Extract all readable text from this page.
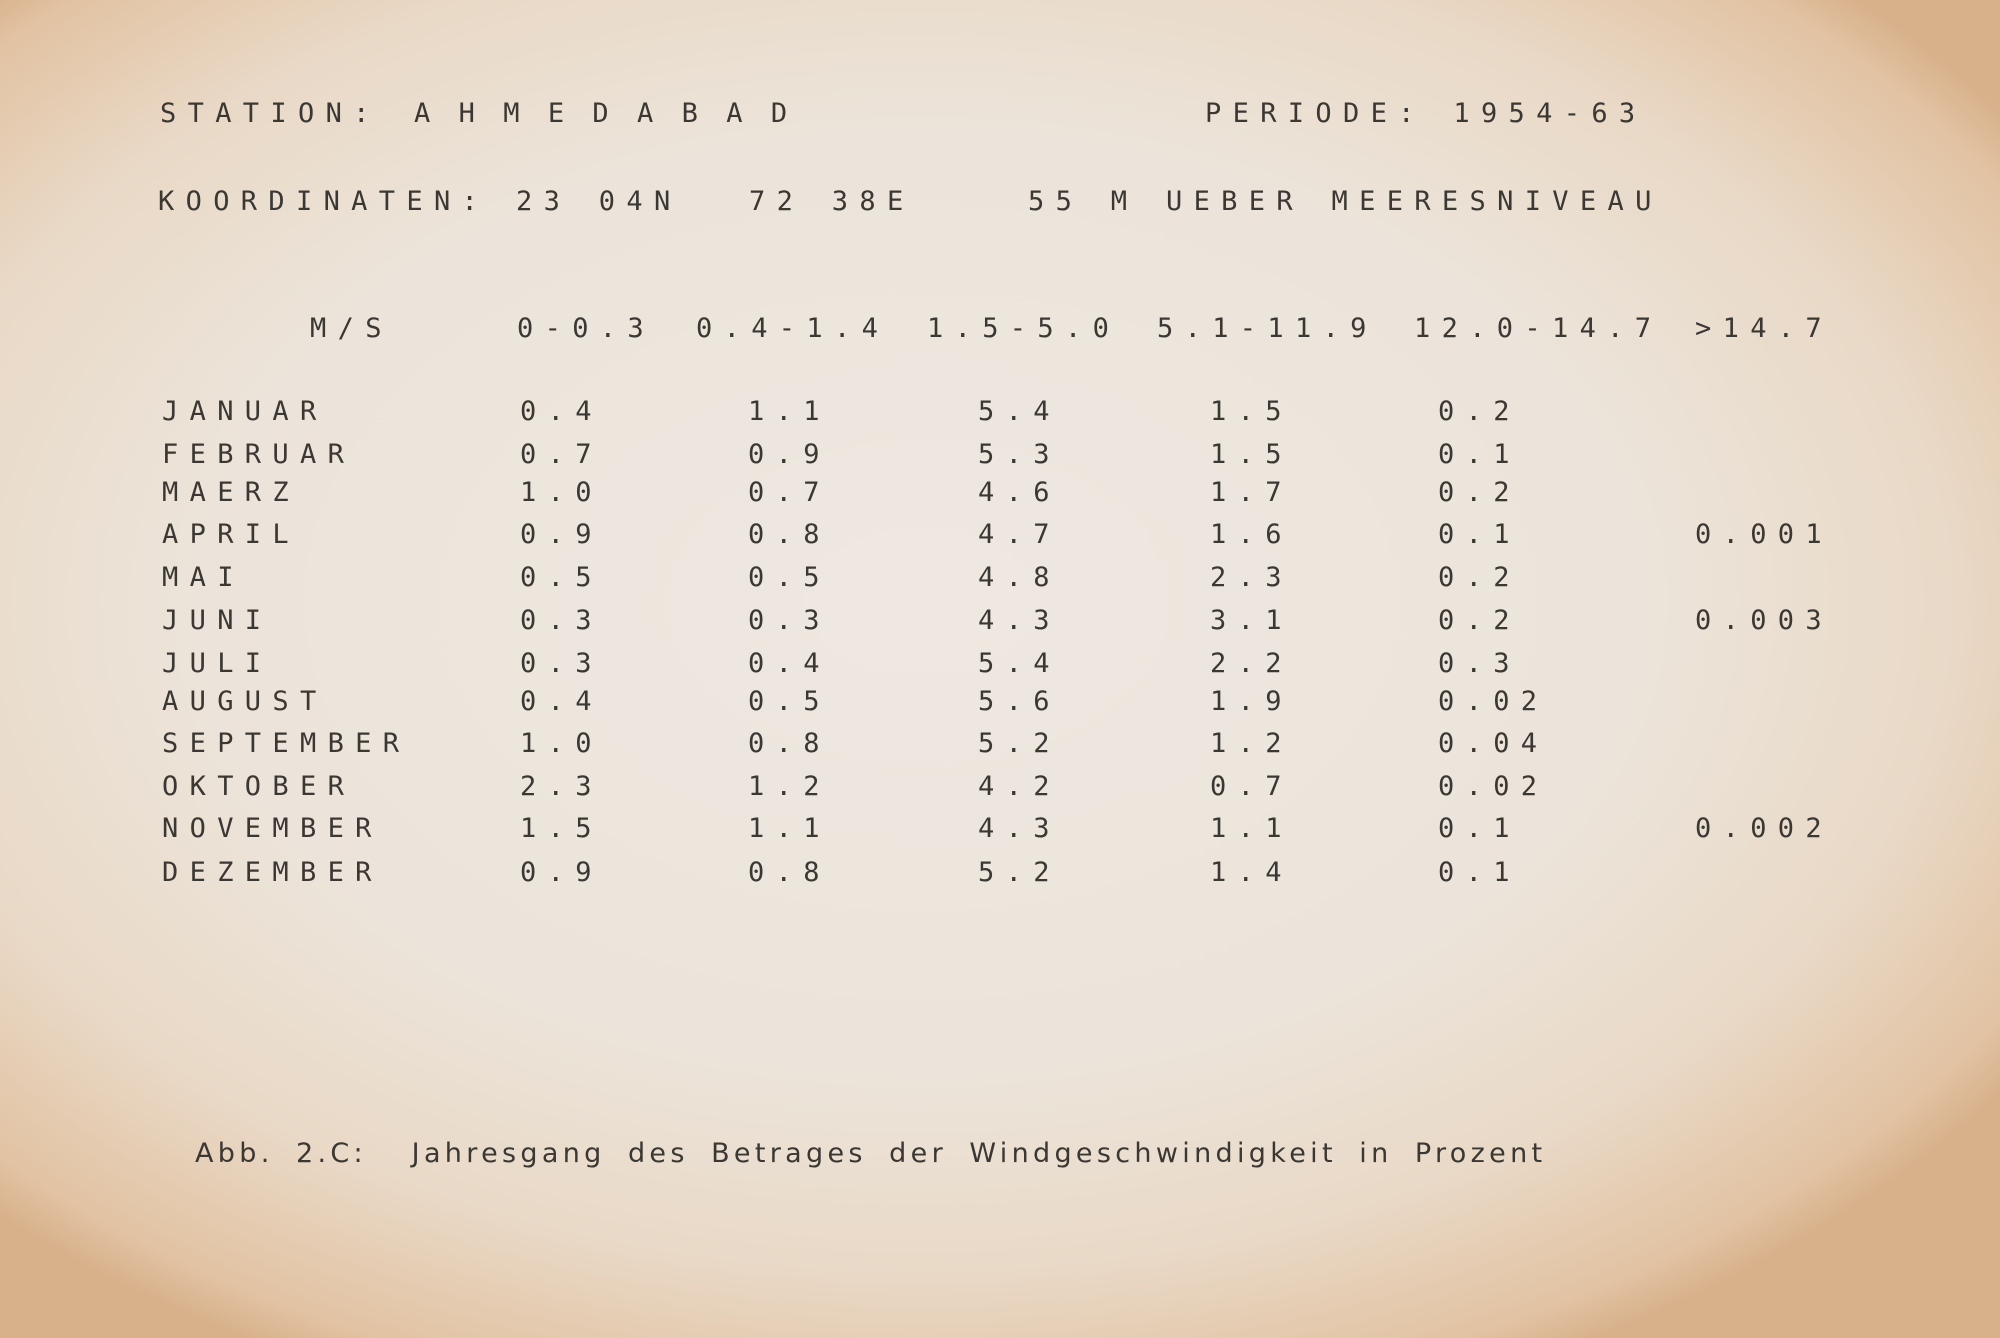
STATION: AHMEDABAD	PERIODE: 1954-63

KOORDINATEN: 23 04N 72 38E	55 M UEBER MEERESNIVEAU

M/S	0-0.3 0.4-1.4 1.5-5.0 5.1-11.9 12.0-14.7 >14.7

JANUAR	0.4	1.1	5.4	1.5	0.2

FEBRUAR	0.7	0.9	5.3	1.5	0.1

MAERZ	1.0	0.7	4.6	1.7	0.2

APRIL	0.9	0.8	4.7	1.6	0.1	0.001

MAI	0.5	0.5	4.8	2.3	0.2

JUNI	0.3	0.3	4.3	3.1	0.2	0.003

JULI	0.3	0.4	5.4	2.2	0.3

AUGUST	0.4	0.5	5.6	1.9	0.02

SEPTEMBER	1.0	0.8	5.2	1.2	0.04

OKTOBER	2.3	1.2	4.2	0.7	0.02

NOVEMBER	1.5	1.1	4.3	1.1	0.1	0.002

DEZEMBER	0.9	0.8	5.2	1.4	0.1

Abb. 2.C:  Jahresgang des Betrages der Windgeschwindigkeit in Prozent
